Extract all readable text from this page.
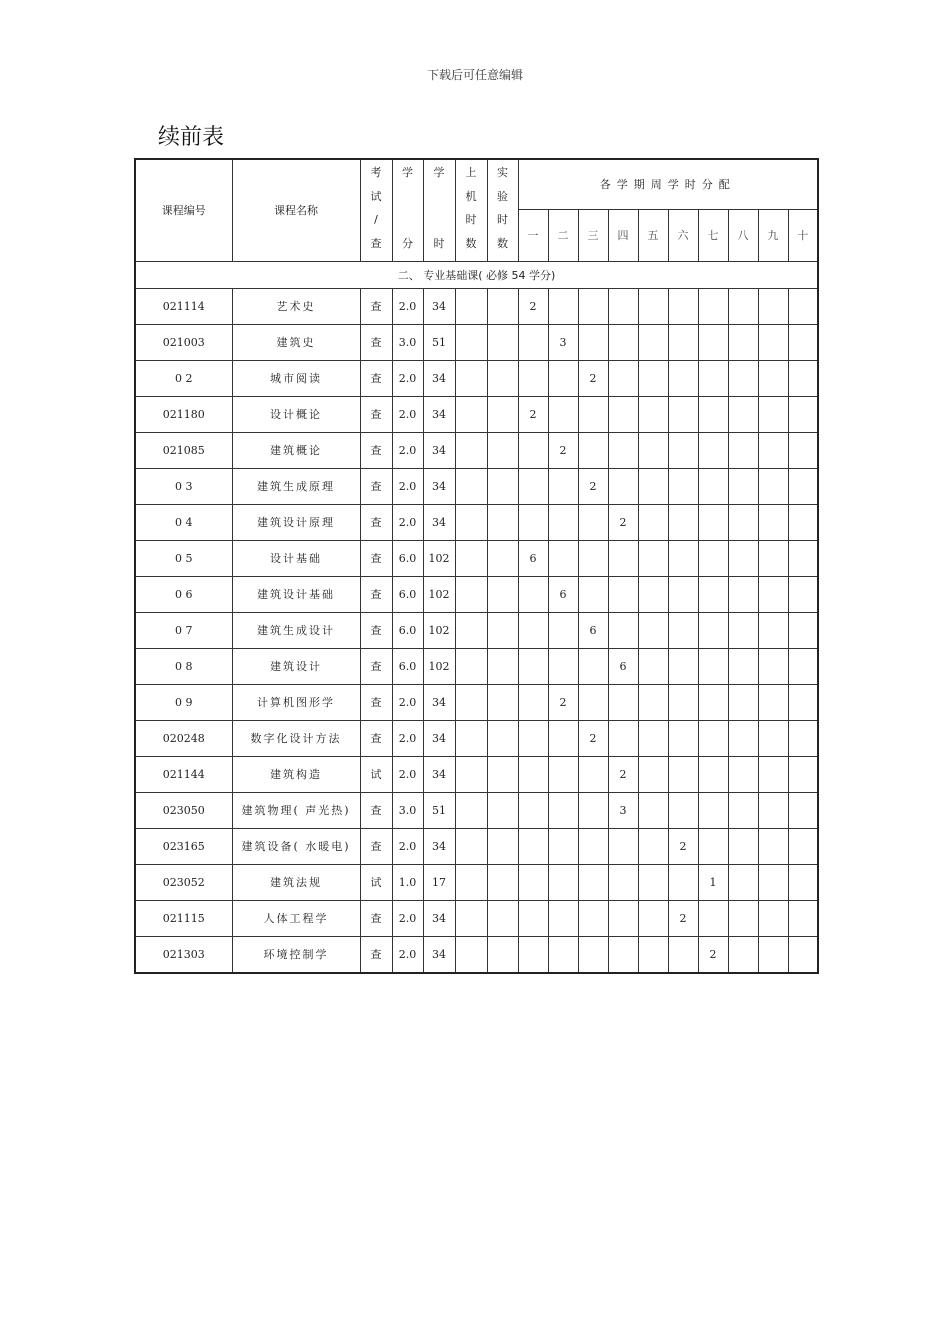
下载后可任意编辑
续前表
课程编号	课程名称	考
试
/
查	学
分	学
时	上
机
时
数	实
验
时
数	各学期周学时分配									
							一	二	三	四	五	六	七	八	九	十
二、 专业基础课( 必修 54 学分)																
021114	艺术史	查	2.0	34			2									
021003	建筑史	查	3.0	51				3								
0 2	城市阅读	查	2.0	34					2							
021180	设计概论	查	2.0	34			2									
021085	建筑概论	查	2.0	34				2								
0 3	建筑生成原理	查	2.0	34					2							
0 4	建筑设计原理	查	2.0	34						2						
0 5	设计基础	查	6.0	102			6									
0 6	建筑设计基础	查	6.0	102				6								
0 7	建筑生成设计	查	6.0	102					6							
0 8	建筑设计	查	6.0	102						6						
0 9	计算机图形学	查	2.0	34				2								
020248	数字化设计方法	查	2.0	34					2							
021144	建筑构造	试	2.0	34						2						
023050	建筑物理( 声光热)	查	3.0	51						3						
023165	建筑设备( 水暖电)	查	2.0	34								2				
023052	建筑法规	试	1.0	17									1			
021115	人体工程学	查	2.0	34								2				
021303	环境控制学	查	2.0	34									2			
